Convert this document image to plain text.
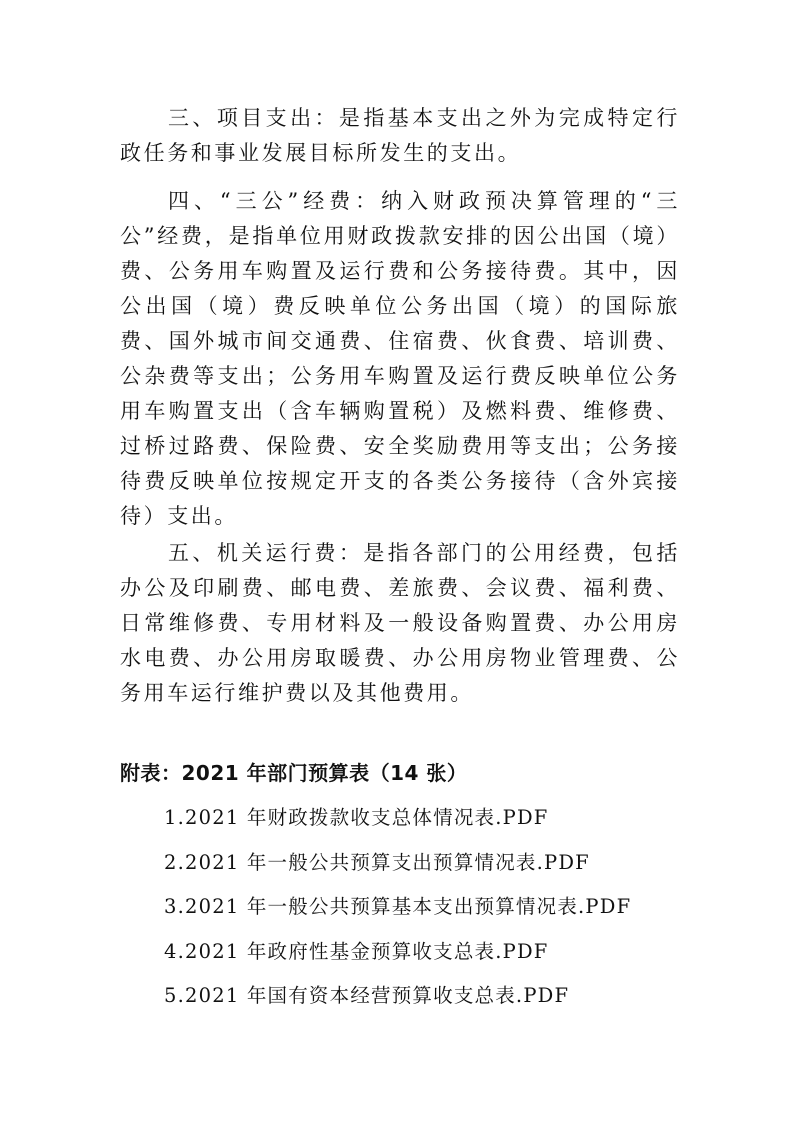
三、项目支出：是指基本支出之外为完成特定行政任务和事业发展目标所发生的支出。

四、“三公”经费：纳入财政预决算管理的“三公”经费，是指单位用财政拨款安排的因公出国（境）费、公务用车购置及运行费和公务接待费。其中，因公出国（境）费反映单位公务出国（境）的国际旅费、国外城市间交通费、住宿费、伙食费、培训费、公杂费等支出；公务用车购置及运行费反映单位公务用车购置支出（含车辆购置税）及燃料费、维修费、过桥过路费、保险费、安全奖励费用等支出；公务接待费反映单位按规定开支的各类公务接待（含外宾接待）支出。

五、机关运行费：是指各部门的公用经费，包括办公及印刷费、邮电费、差旅费、会议费、福利费、日常维修费、专用材料及一般设备购置费、办公用房水电费、办公用房取暖费、办公用房物业管理费、公务用车运行维护费以及其他费用。

附表：2021 年部门预算表（14 张）

1.2021 年财政拨款收支总体情况表.PDF
2.2021 年一般公共预算支出预算情况表.PDF
3.2021 年一般公共预算基本支出预算情况表.PDF
4.2021 年政府性基金预算收支总表.PDF
5.2021 年国有资本经营预算收支总表.PDF
